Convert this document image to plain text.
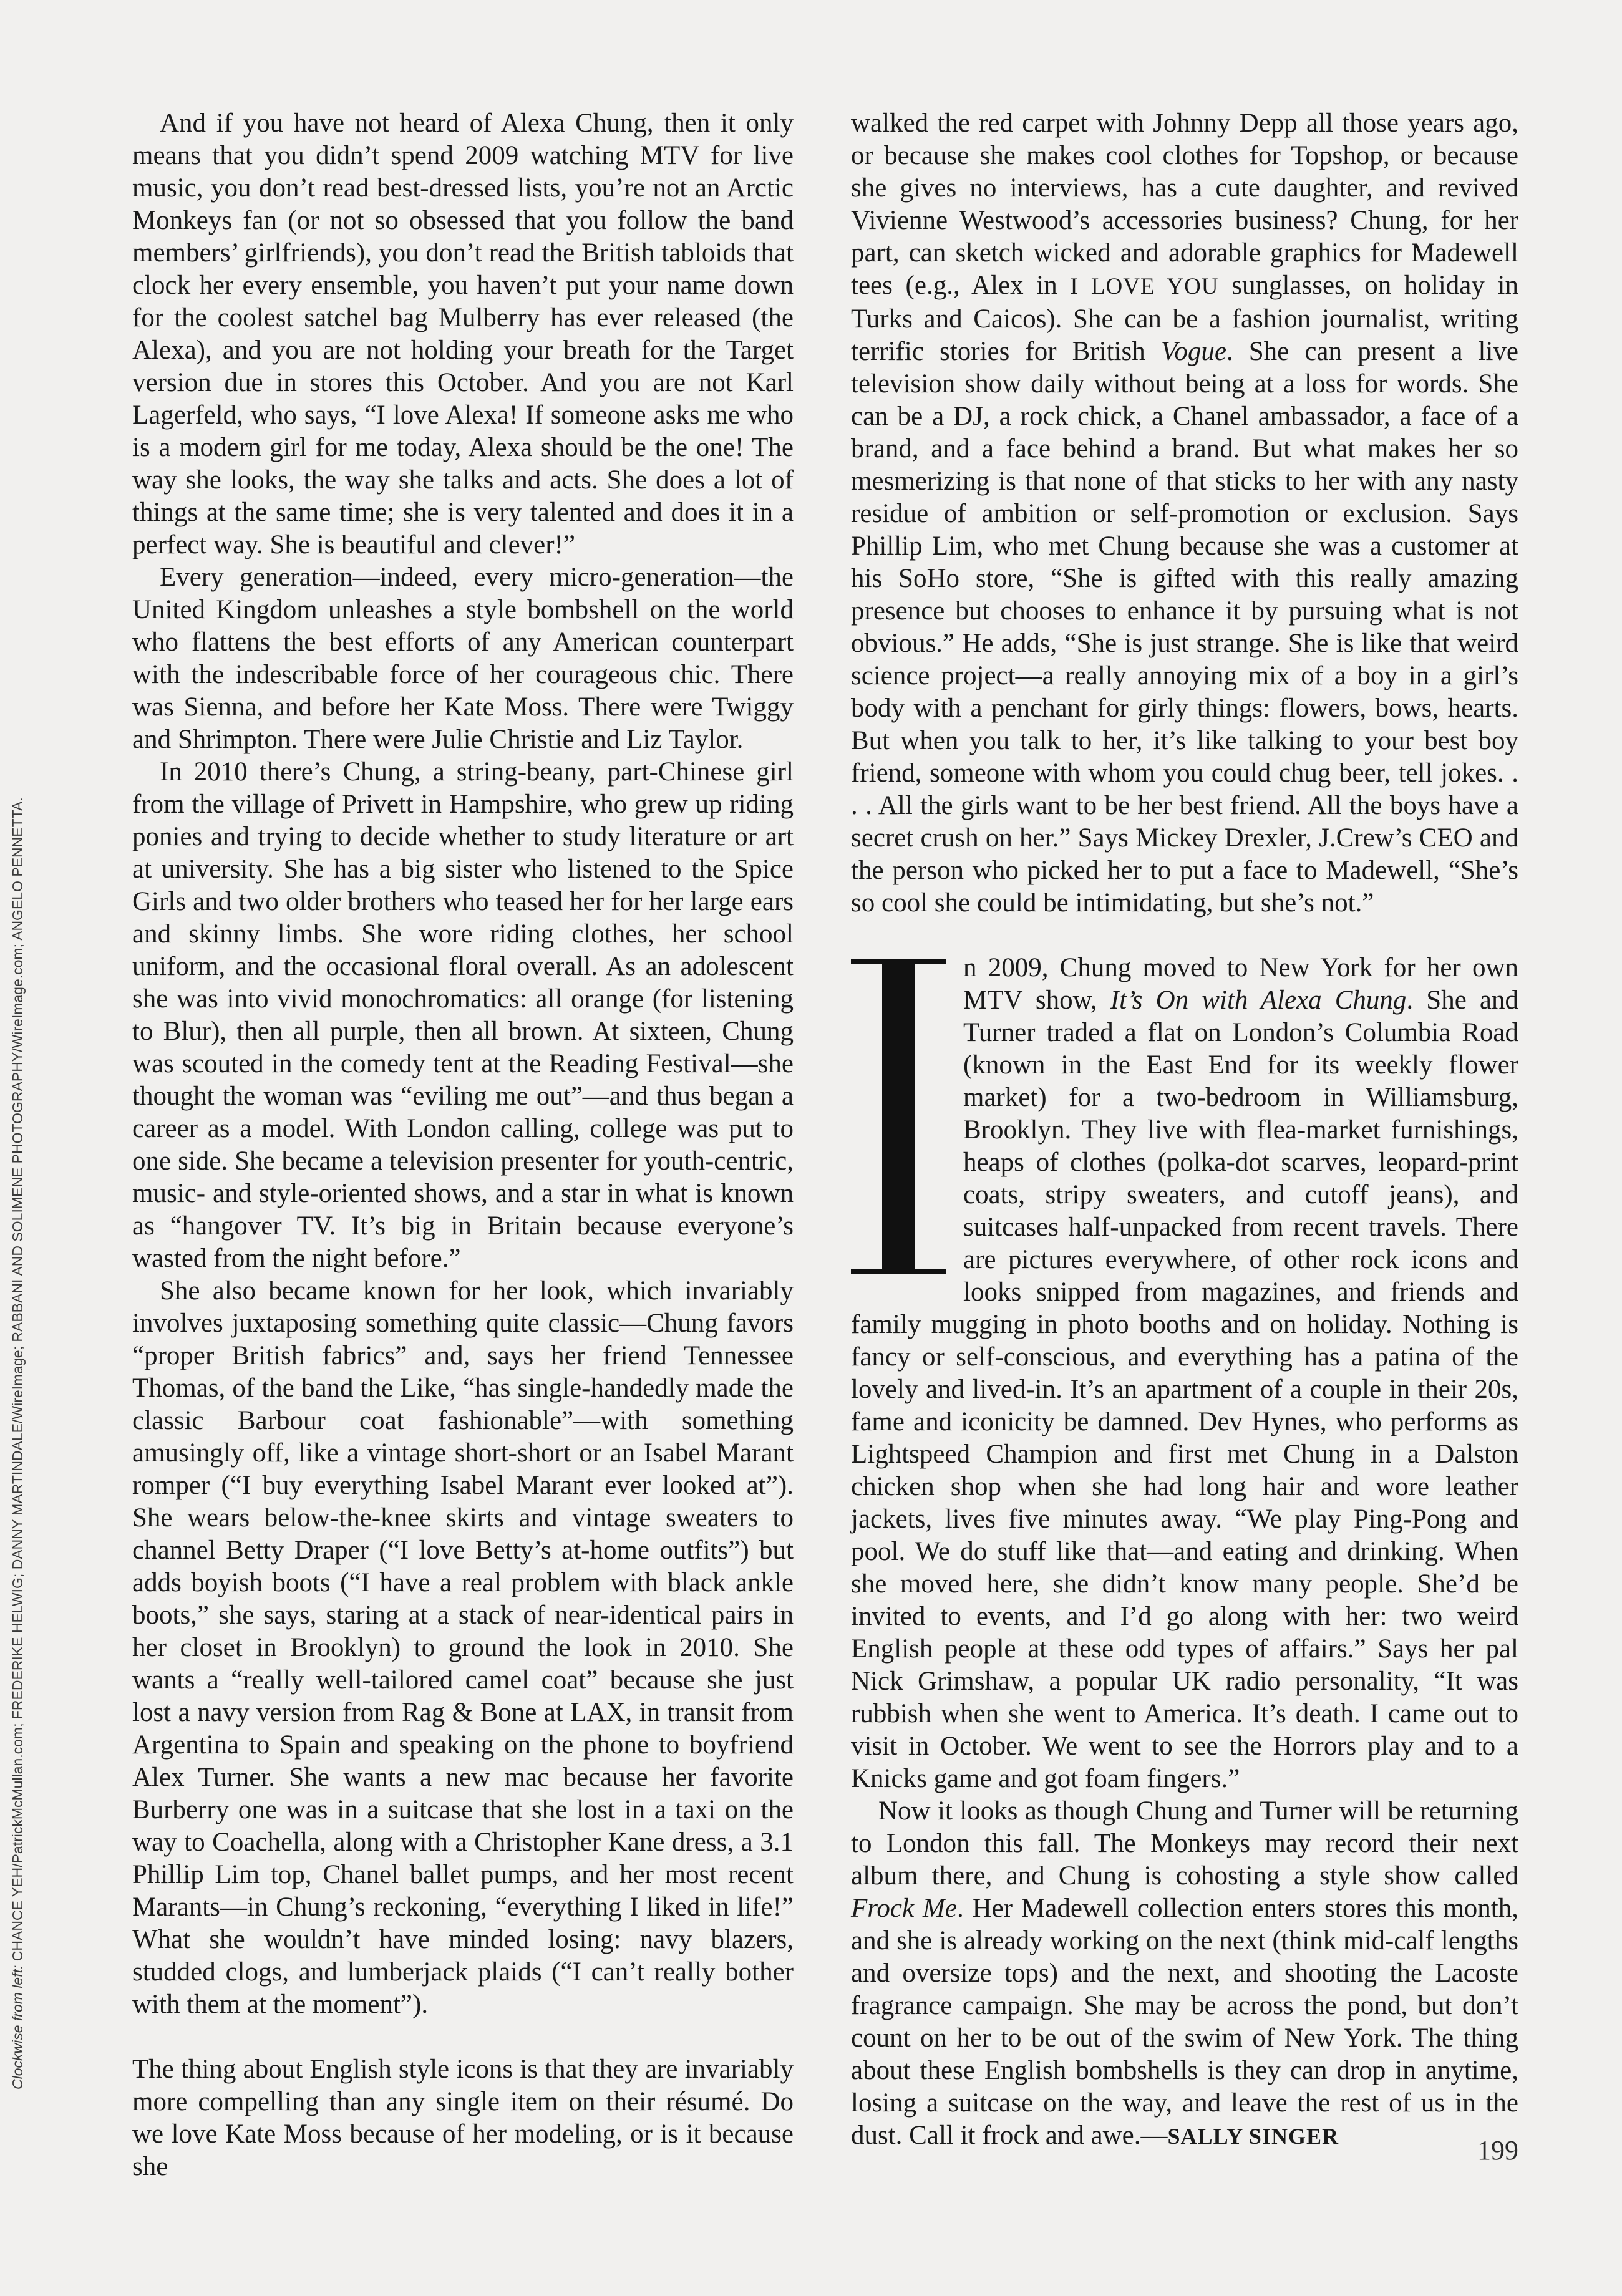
Clockwise from left: CHANCE YEH/PatrickMcMullan.com; FREDERIKE HELWIG; DANNY MARTINDALE/WireImage; RABBANI AND SOLIMENE PHOTOGRAPHY/WireImage.com; ANGELO PENNETTA.

And if you have not heard of Alexa Chung, then it only means that you didn’t spend 2009 watching MTV for live music, you don’t read best-dressed lists, you’re not an Arctic Monkeys fan (or not so obsessed that you follow the band members’ girlfriends), you don’t read the British tabloids that clock her every ensemble, you haven’t put your name down for the coolest satchel bag Mulberry has ever released (the Alexa), and you are not holding your breath for the Target version due in stores this October. And you are not Karl Lagerfeld, who says, “I love Alexa! If someone asks me who is a modern girl for me today, Alexa should be the one! The way she looks, the way she talks and acts. She does a lot of things at the same time; she is very talented and does it in a perfect way. She is beautiful and clever!”

Every generation—indeed, every micro-generation—the United Kingdom unleashes a style bombshell on the world who flattens the best efforts of any American counterpart with the indescribable force of her courageous chic. There was Sienna, and before her Kate Moss. There were Twiggy and Shrimpton. There were Julie Christie and Liz Taylor.

In 2010 there’s Chung, a string-beany, part-Chinese girl from the village of Privett in Hampshire, who grew up riding ponies and trying to decide whether to study literature or art at university. She has a big sister who listened to the Spice Girls and two older brothers who teased her for her large ears and skinny limbs. She wore riding clothes, her school uniform, and the occasional floral overall. As an adolescent she was into vivid monochromatics: all orange (for listening to Blur), then all purple, then all brown. At sixteen, Chung was scouted in the comedy tent at the Reading Festival—she thought the woman was “eviling me out”—and thus began a career as a model. With London calling, college was put to one side. She became a television presenter for youth-centric, music- and style-oriented shows, and a star in what is known as “hangover TV. It’s big in Britain because everyone’s wasted from the night before.”

She also became known for her look, which invariably involves juxtaposing something quite classic—Chung favors “proper British fabrics” and, says her friend Tennessee Thomas, of the band the Like, “has single-handedly made the classic Barbour coat fashionable”—with something amusingly off, like a vintage short-short or an Isabel Marant romper (“I buy everything Isabel Marant ever looked at”). She wears below-the-knee skirts and vintage sweaters to channel Betty Draper (“I love Betty’s at-home outfits”) but adds boyish boots (“I have a real problem with black ankle boots,” she says, staring at a stack of near-identical pairs in her closet in Brooklyn) to ground the look in 2010. She wants a “really well-tailored camel coat” because she just lost a navy version from Rag & Bone at LAX, in transit from Argentina to Spain and speaking on the phone to boyfriend Alex Turner. She wants a new mac because her favorite Burberry one was in a suitcase that she lost in a taxi on the way to Coachella, along with a Christopher Kane dress, a 3.1 Phillip Lim top, Chanel ballet pumps, and her most recent Marants—in Chung’s reckoning, “everything I liked in life!” What she wouldn’t have minded losing: navy blazers, studded clogs, and lumberjack plaids (“I can’t really bother with them at the moment”).

The thing about English style icons is that they are invariably more compelling than any single item on their résumé. Do we love Kate Moss because of her modeling, or is it because she

walked the red carpet with Johnny Depp all those years ago, or because she makes cool clothes for Topshop, or because she gives no interviews, has a cute daughter, and revived Vivienne Westwood’s accessories business? Chung, for her part, can sketch wicked and adorable graphics for Madewell tees (e.g., Alex in I LOVE YOU sunglasses, on holiday in Turks and Caicos). She can be a fashion journalist, writing terrific stories for British Vogue. She can present a live television show daily without being at a loss for words. She can be a DJ, a rock chick, a Chanel ambassador, a face of a brand, and a face behind a brand. But what makes her so mesmerizing is that none of that sticks to her with any nasty residue of ambition or self-promotion or exclusion. Says Phillip Lim, who met Chung because she was a customer at his SoHo store, “She is gifted with this really amazing presence but chooses to enhance it by pursuing what is not obvious.” He adds, “She is just strange. She is like that weird science project—a really annoying mix of a boy in a girl’s body with a penchant for girly things: flowers, bows, hearts. But when you talk to her, it’s like talking to your best boy friend, someone with whom you could chug beer, tell jokes. . . . All the girls want to be her best friend. All the boys have a secret crush on her.” Says Mickey Drexler, J.Crew’s CEO and the person who picked her to put a face to Madewell, “She’s so cool she could be intimidating, but she’s not.”

n 2009, Chung moved to New York for her own MTV show, It’s On with Alexa Chung. She and Turner traded a flat on London’s Columbia Road (known in the East End for its weekly flower market) for a two-bedroom in Williamsburg, Brooklyn. They live with flea-market furnishings, heaps of clothes (polka-dot scarves, leopard-print coats, stripy sweaters, and cutoff jeans), and suitcases half-unpacked from recent travels. There are pictures everywhere, of other rock icons and looks snipped from magazines, and friends and family mugging in photo booths and on holiday. Nothing is fancy or self-conscious, and everything has a patina of the lovely and lived-in. It’s an apartment of a couple in their 20s, fame and iconicity be damned. Dev Hynes, who performs as Lightspeed Champion and first met Chung in a Dalston chicken shop when she had long hair and wore leather jackets, lives five minutes away. “We play Ping-Pong and pool. We do stuff like that—and eating and drinking. When she moved here, she didn’t know many people. She’d be invited to events, and I’d go along with her: two weird English people at these odd types of affairs.” Says her pal Nick Grimshaw, a popular UK radio personality, “It was rubbish when she went to America. It’s death. I came out to visit in October. We went to see the Horrors play and to a Knicks game and got foam fingers.”

Now it looks as though Chung and Turner will be returning to London this fall. The Monkeys may record their next album there, and Chung is cohosting a style show called Frock Me. Her Madewell collection enters stores this month, and she is already working on the next (think mid-calf lengths and oversize tops) and the next, and shooting the Lacoste fragrance campaign. She may be across the pond, but don’t count on her to be out of the swim of New York. The thing about these English bombshells is they can drop in anytime, losing a suitcase on the way, and leave the rest of us in the dust. Call it frock and awe.—SALLY SINGER	199
